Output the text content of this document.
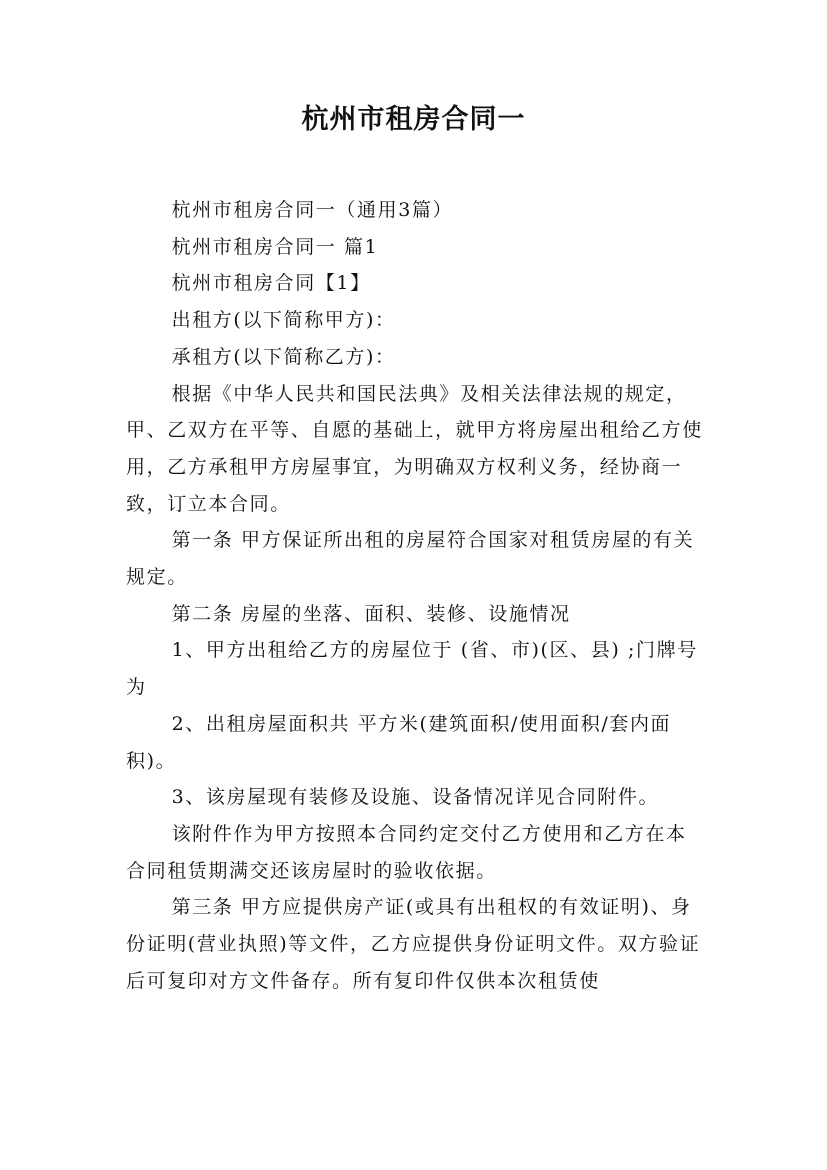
杭州市租房合同一

杭州市租房合同一（通用3篇）

杭州市租房合同一 篇1

杭州市租房合同【1】

出租方(以下简称甲方)：

承租方(以下简称乙方)：

根据《中华人民共和国民法典》及相关法律法规的规定，甲、乙双方在平等、自愿的基础上，就甲方将房屋出租给乙方使用，乙方承租甲方房屋事宜，为明确双方权利义务，经协商一致，订立本合同。

第一条 甲方保证所出租的房屋符合国家对租赁房屋的有关规定。

第二条 房屋的坐落、面积、装修、设施情况

1、甲方出租给乙方的房屋位于 (省、市)(区、县) ;门牌号为

2、出租房屋面积共 平方米(建筑面积/使用面积/套内面积)。

3、该房屋现有装修及设施、设备情况详见合同附件。

该附件作为甲方按照本合同约定交付乙方使用和乙方在本合同租赁期满交还该房屋时的验收依据。

第三条 甲方应提供房产证(或具有出租权的有效证明)、身份证明(营业执照)等文件，乙方应提供身份证明文件。双方验证后可复印对方文件备存。所有复印件仅供本次租赁使
